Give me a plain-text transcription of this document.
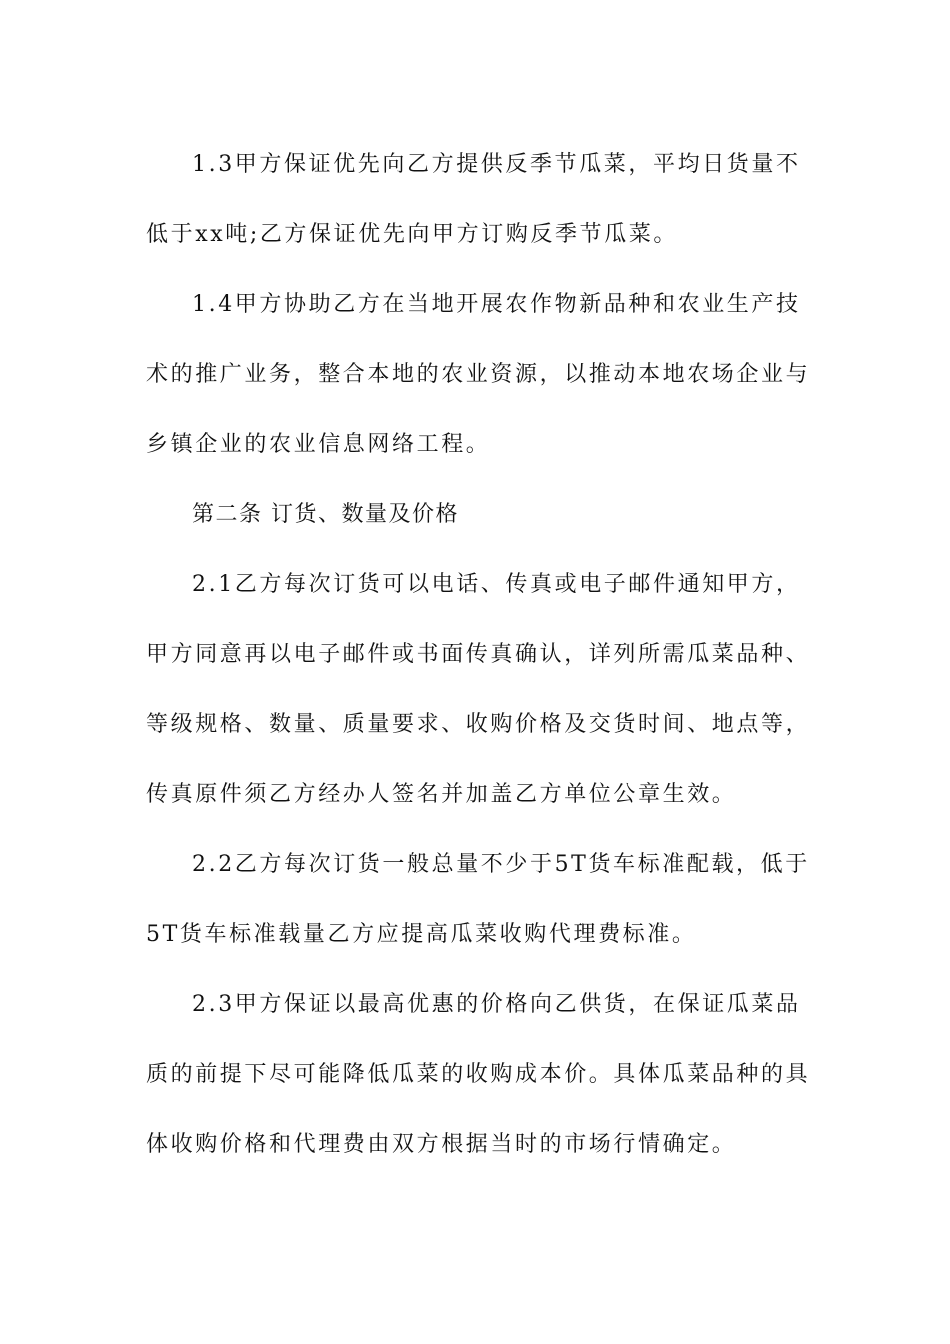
1.3甲方保证优先向乙方提供反季节瓜菜，平均日货量不
低于xx吨;乙方保证优先向甲方订购反季节瓜菜。
1.4甲方协助乙方在当地开展农作物新品种和农业生产技
术的推广业务，整合本地的农业资源，以推动本地农场企业与
乡镇企业的农业信息网络工程。
第二条 订货、数量及价格
2.1乙方每次订货可以电话、传真或电子邮件通知甲方，
甲方同意再以电子邮件或书面传真确认，详列所需瓜菜品种、
等级规格、数量、质量要求、收购价格及交货时间、地点等，
传真原件须乙方经办人签名并加盖乙方单位公章生效。
2.2乙方每次订货一般总量不少于5T货车标准配载，低于
5T货车标准载量乙方应提高瓜菜收购代理费标准。
2.3甲方保证以最高优惠的价格向乙供货，在保证瓜菜品
质的前提下尽可能降低瓜菜的收购成本价。具体瓜菜品种的具
体收购价格和代理费由双方根据当时的市场行情确定。
